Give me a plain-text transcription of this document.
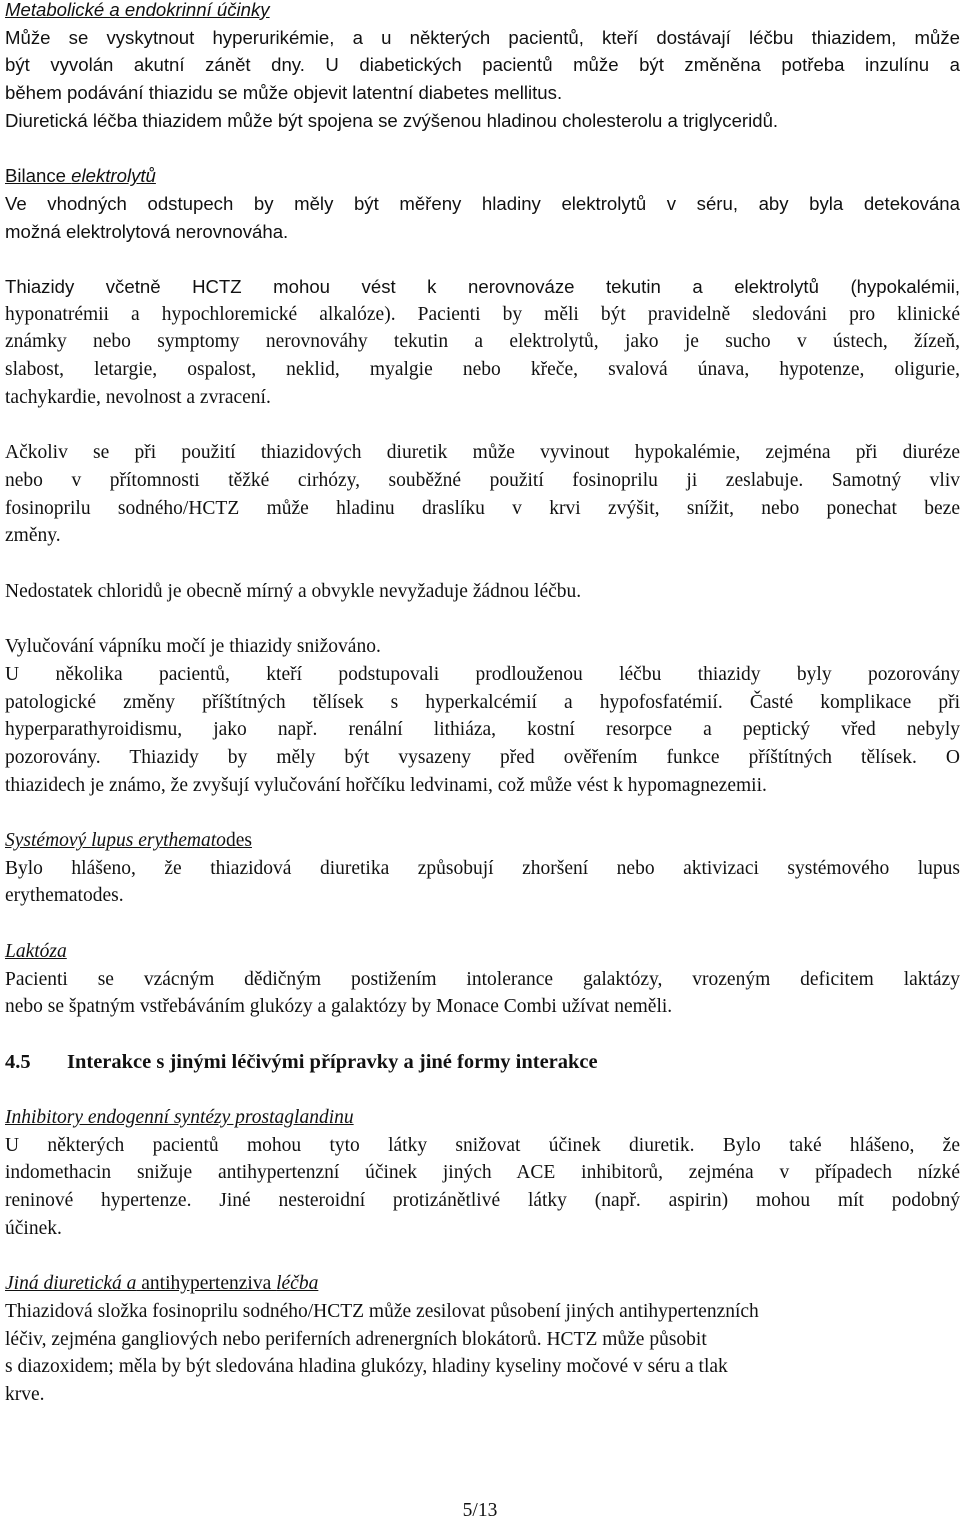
Metabolické a endokrinní účinky
Může se vyskytnout hyperurikémie, a u některých pacientů, kteří dostávají léčbu thiazidem, může
být vyvolán akutní zánět dny. U diabetických pacientů může být změněna potřeba inzulínu a
během podávání thiazidu se může objevit latentní diabetes mellitus.
Diuretická léčba thiazidem může být spojena se zvýšenou hladinou cholesterolu a triglyceridů.
Bilance elektrolytů
Ve vhodných odstupech by měly být měřeny hladiny elektrolytů v séru, aby byla detekována
možná elektrolytová nerovnováha.
Thiazidy včetně HCTZ mohou vést k nerovnováze tekutin a elektrolytů (hypokalémii,
hyponatrémii a hypochloremické alkalóze). Pacienti by měli být pravidelně sledováni pro klinické
známky nebo symptomy nerovnováhy tekutin a elektrolytů, jako je sucho v ústech, žízeň,
slabost, letargie, ospalost, neklid, myalgie nebo křeče, svalová únava, hypotenze, oligurie,
tachykardie, nevolnost a zvracení.
Ačkoliv se při použití thiazidových diuretik může vyvinout hypokalémie, zejména při diuréze
nebo v přítomnosti těžké cirhózy, souběžné použití fosinoprilu ji zeslabuje. Samotný vliv
fosinoprilu sodného/HCTZ může hladinu draslíku v krvi zvýšit, snížit, nebo ponechat beze
změny.
Nedostatek chloridů je obecně mírný a obvykle nevyžaduje žádnou léčbu.
Vylučování vápníku močí je thiazidy snižováno.
U několika pacientů, kteří podstupovali prodlouženou léčbu thiazidy byly pozorovány
patologické změny příštítných tělísek s hyperkalcémií a hypofosfatémií. Časté komplikace při
hyperparathyroidismu, jako např. renální lithiáza, kostní resorpce a peptický vřed nebyly
pozorovány. Thiazidy by měly být vysazeny před ověřením funkce příštítných tělísek. O
thiazidech je známo, že zvyšují vylučování hořčíku ledvinami, což může vést k hypomagnezemii.
Systémový lupus erythematodes
Bylo hlášeno, že thiazidová diuretika způsobují zhoršení nebo aktivizaci systémového lupus
erythematodes.
Laktóza
Pacienti se vzácným dědičným postižením intolerance galaktózy, vrozeným deficitem laktázy
nebo se špatným vstřebáváním glukózy a galaktózy by Monace Combi užívat neměli.
4.5 Interakce s jinými léčivými přípravky a jiné formy interakce
Inhibitory endogenní syntézy prostaglandinu
U některých pacientů mohou tyto látky snižovat účinek diuretik. Bylo také hlášeno, že
indomethacin snižuje antihypertenzní účinek jiných ACE inhibitorů, zejména v případech nízké
reninové hypertenze. Jiné nesteroidní protizánětlivé látky (např. aspirin) mohou mít podobný
účinek.
Jiná diuretická a antihypertenziva léčba
Thiazidová složka fosinoprilu sodného/HCTZ může zesilovat působení jiných antihypertenzních
léčiv, zejména gangliových nebo periferních adrenergních blokátorů. HCTZ může působit
s diazoxidem; měla by být sledována hladina glukózy, hladiny kyseliny močové v séru a tlak
krve.
5/13
